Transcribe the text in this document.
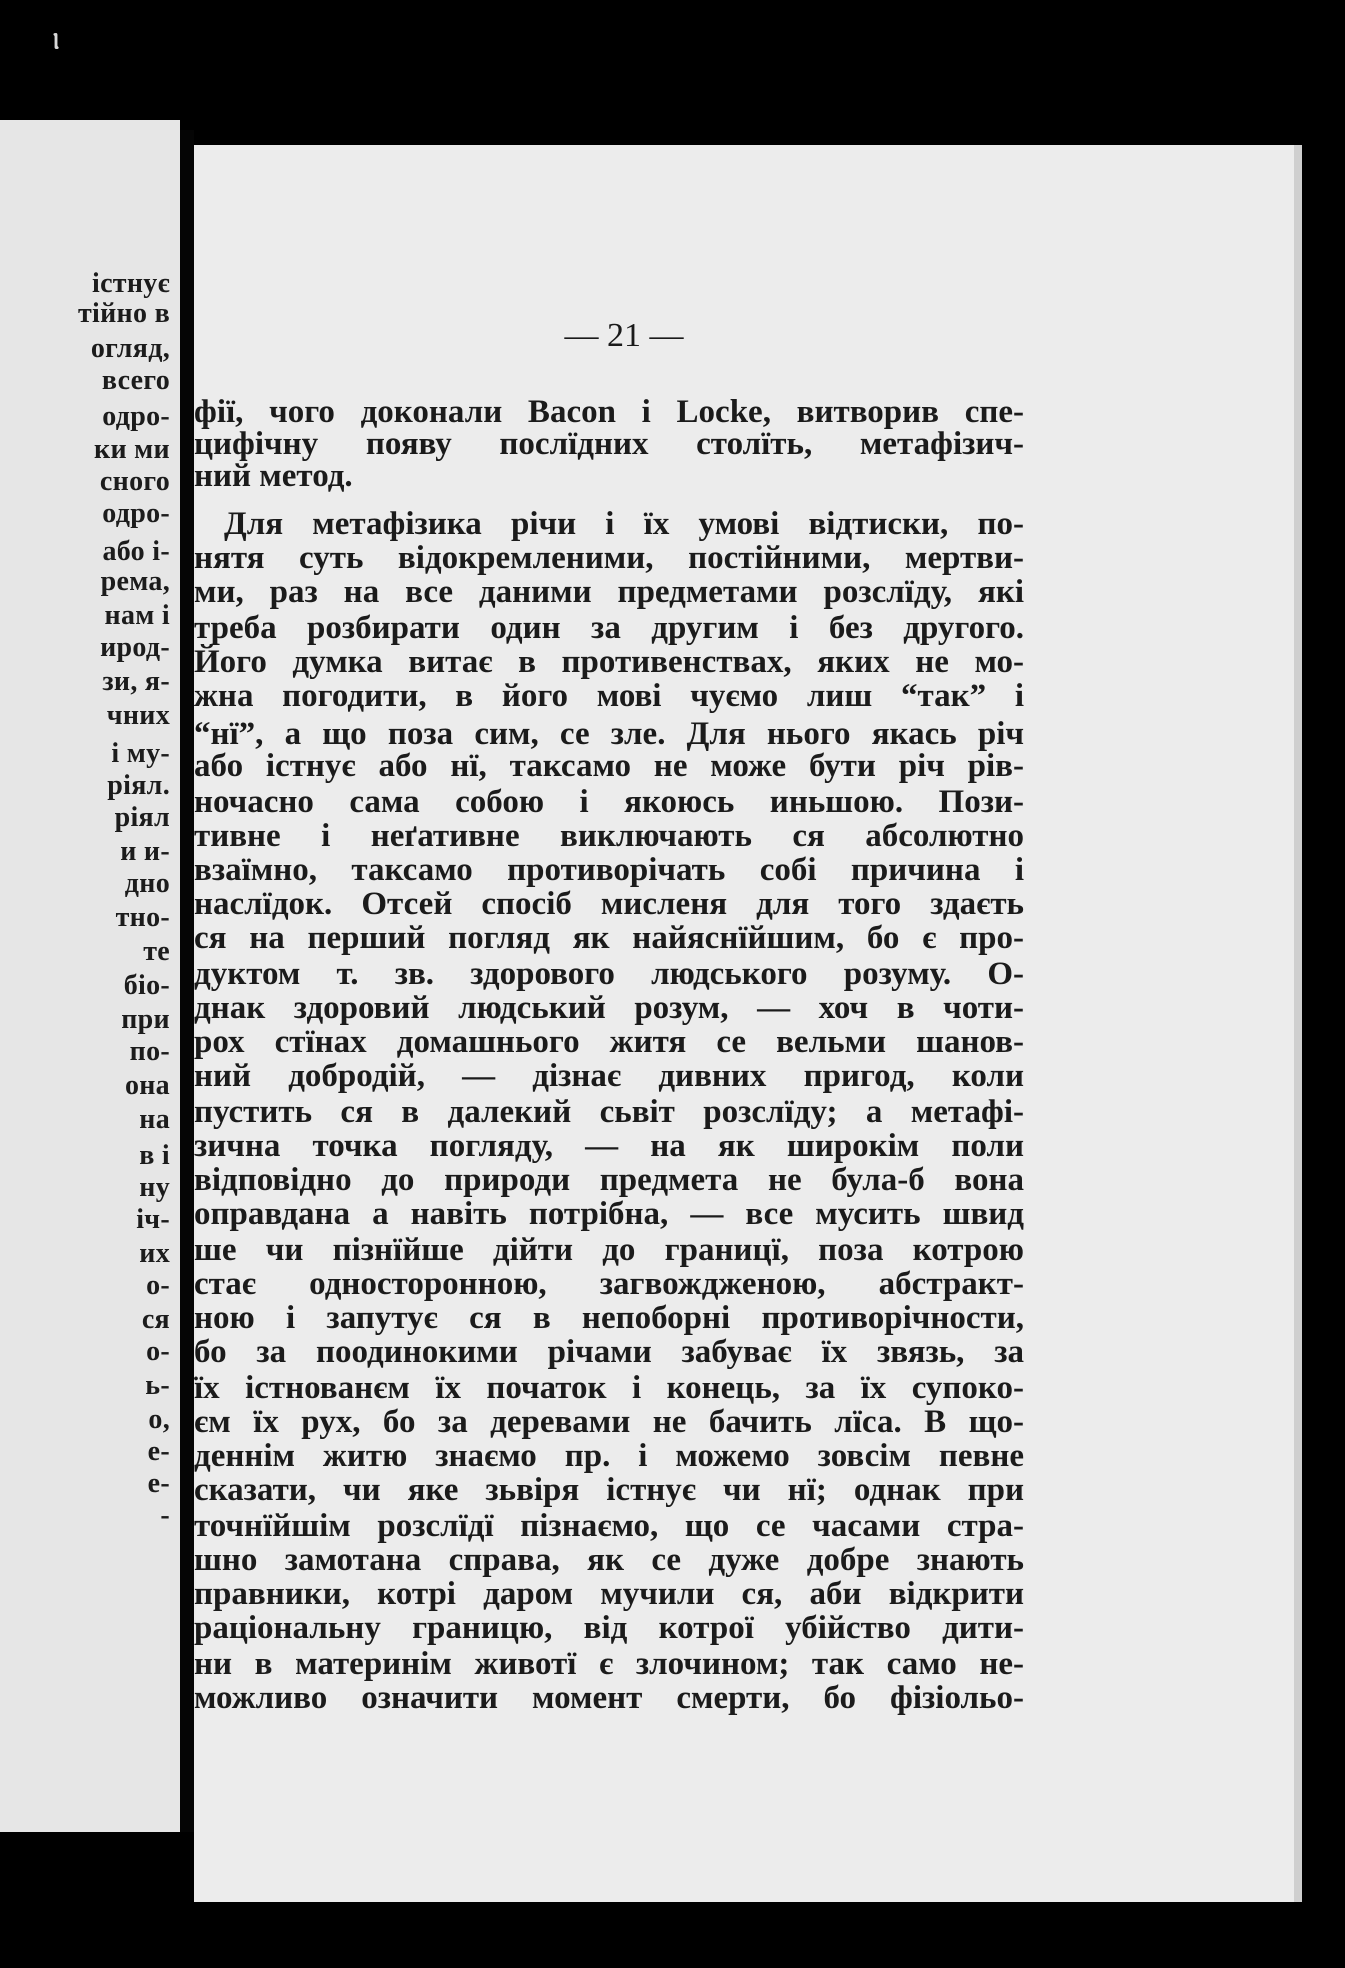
ⲓ
істнує
тійно в
огляд,
всего
одро-
ки ми
сного
одро-
або і-
рема,
нам і
ирод-
зи, я-
чних
і му-
ріял.
ріял
и и-
дно
тно-
те
біо-
при
по-
она
на
в і
ну
іч-
их
о-
ся
о-
ь-
о,
е-
е-
-
— 21 —
фії, чого доконали Bacon і Locke, витворив спе-
цифічну появу послїдних столїть, метафізич-
ний метод.
Для метафізика річи і їх умові відтиски, по-
нятя суть відокремленими, постійними, мертви-
ми, раз на все даними предметами розслїду, які
треба розбирати один за другим і без другого.
Його думка витає в противенствах, яких не мо-
жна погодити, в його мові чуємо лиш “так” і
“нї”, а що поза сим, се зле. Для нього якась річ
або істнує або нї, таксамо не може бути річ рів-
ночасно сама собою і якоюсь иньшою. Пози-
тивне і неґативне виключають ся абсолютно
взаїмно, таксамо противорічать собі причина і
наслїдок. Отсей спосіб мисленя для того здаєть
ся на перший погляд як найяснїйшим, бо є про-
дуктом т. зв. здорового людського розуму. О-
днак здоровий людський розум, — хоч в чоти-
рох стїнах домашнього житя се вельми шанов-
ний добродій, — дізнає дивних пригод, коли
пустить ся в далекий сьвіт розслїду; а метафі-
зична точка погляду, — на як широкім поли
відповідно до природи предмета не була-б вона
оправдана а навіть потрібна, — все мусить швид
ше чи пізнїйше дійти до границї, поза котрою
стає односторонною, загвождженою, абстракт-
ною і запутує ся в непоборні противорічности,
бо за поодинокими річами забуває їх звязь, за
їх істнованєм їх початок і конець, за їх супоко-
єм їх рух, бо за деревами не бачить лїса. В що-
деннім житю знаємо пр. і можемо зовсім певне
сказати, чи яке зьвіря істнує чи нї; однак при
точнїйшім розслїдї пізнаємо, що се часами стра-
шно замотана справа, як се дуже добре знають
правники, котрі даром мучили ся, аби відкрити
раціональну границю, від котрої убійство дити-
ни в материнім животї є злочином; так само не-
можливо означити момент смерти, бо фізіольо-
